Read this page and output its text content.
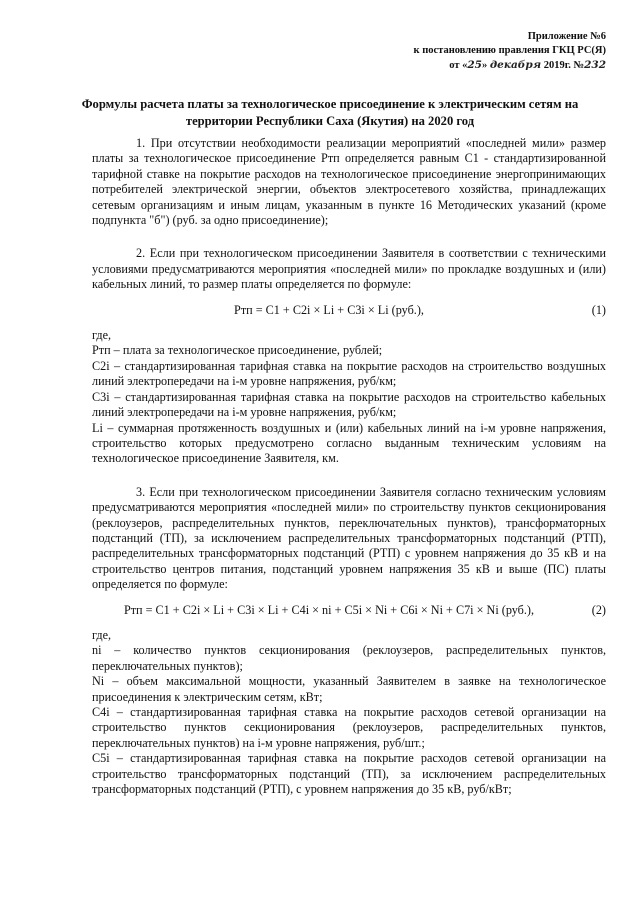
Приложение №6
к постановлению правления ГКЦ РС(Я)
от «25» декабря 2019г. №232
Формулы расчета платы за технологическое присоединение к электрическим сетям на территории Республики Саха (Якутия) на 2020 год

1. При отсутствии необходимости реализации мероприятий «последней мили» размер платы за технологическое присоединение Pтп определяется равным C1 - стандартизированной тарифной ставке на покрытие расходов на технологическое присоединение энергопринимающих потребителей электрической энергии, объектов электросетевого хозяйства, принадлежащих сетевым организациям и иным лицам, указанным в пункте 16 Методических указаний (кроме подпункта "б") (руб. за одно присоединение);

2. Если при технологическом присоединении Заявителя в соответствии с техническими условиями предусматриваются мероприятия «последней мили» по прокладке воздушных и (или) кабельных линий, то размер платы определяется по формуле:

Pтп = C1 + C2i × Li + C3i × Li (руб.),	(1)

где,

Pтп – плата за технологическое присоединение, рублей;

C2i – стандартизированная тарифная ставка на покрытие расходов на строительство воздушных линий электропередачи на i-м уровне напряжения, руб/км;

C3i – стандартизированная тарифная ставка на покрытие расходов на строительство кабельных линий электропередачи на i-м уровне напряжения, руб/км;

Li – суммарная протяженность воздушных и (или) кабельных линий на i-м уровне напряжения, строительство которых предусмотрено согласно выданным техническим условиям на технологическое присоединение Заявителя, км.

3. Если при технологическом присоединении Заявителя согласно техническим условиям предусматриваются мероприятия «последней мили» по строительству пунктов секционирования (реклоузеров, распределительных пунктов, переключательных пунктов), трансформаторных подстанций (ТП), за исключением распределительных трансформаторных подстанций (РТП), распределительных трансформаторных подстанций (РТП) с уровнем напряжения до 35 кВ и на строительство центров питания, подстанций уровнем напряжения 35 кВ и выше (ПС) платы определяется по формуле:

Pтп = C1 + C2i × Li + C3i × Li + C4i × ni + C5i × Ni + C6i × Ni + C7i × Ni (руб.),	(2)

где,

ni – количество пунктов секционирования (реклоузеров, распределительных пунктов, переключательных пунктов);

Ni – объем максимальной мощности, указанный Заявителем в заявке на технологическое присоединения к электрическим сетям, кВт;

C4i – стандартизированная тарифная ставка на покрытие расходов сетевой организации на строительство пунктов секционирования (реклоузеров, распределительных пунктов, переключательных пунктов) на i-м уровне напряжения, руб/шт.;

C5i – стандартизированная тарифная ставка на покрытие расходов сетевой организации на строительство трансформаторных подстанций (ТП), за исключением распределительных трансформаторных подстанций (РТП), с уровнем напряжения до 35 кВ, руб/кВт;
